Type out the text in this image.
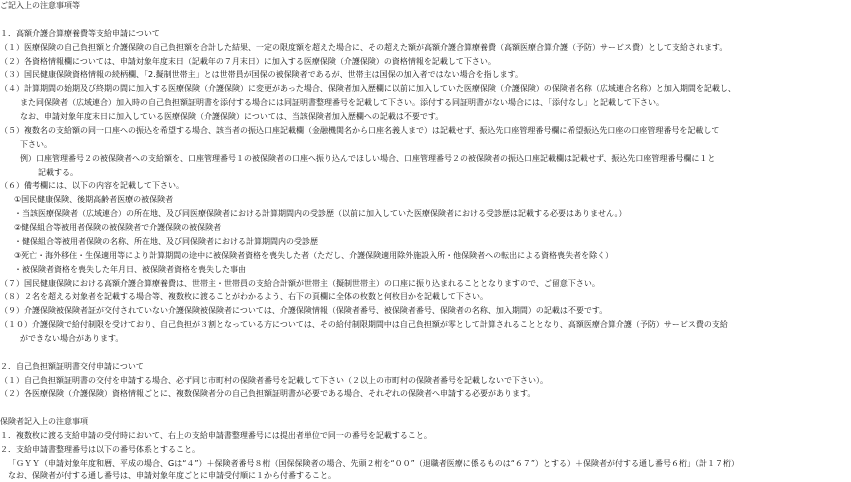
ご記入上の注意事項等
１．高額介護合算療養費等支給申請について
（１）医療保険の自己負担額と介護保険の自己負担額を合計した結果、一定の限度額を超えた場合に、その超えた額が高額介護合算療養費（高額医療合算介護（予防）サービス費）として支給されます。
（２）各資格情報欄については、申請対象年度末日（記載年の７月末日）に加入する医療保険（介護保険）の資格情報を記載して下さい。
（３）国民健康保険資格情報の続柄欄、「2.擬制世帯主」とは世帯員が国保の被保険者であるが、世帯主は国保の加入者ではない場合を指します。
（４）計算期間の始期及び終期の間に加入する医療保険（介護保険）に変更があった場合、保険者加入歴欄に以前に加入していた医療保険（介護保険）の保険者名称（広域連合名称）と加入期間を記載し、
また同保険者（広域連合）加入時の自己負担額証明書を添付する場合には同証明書整理番号を記載して下さい。添付する同証明書がない場合には、「添付なし」と記載して下さい。
なお、申請対象年度末日に加入している医療保険（介護保険）については、当該保険者加入歴欄への記載は不要です。
（５）複数名の支給額の同一口座への振込を希望する場合、該当者の振込口座記載欄（金融機関名から口座名義人まで）は記載せず、振込先口座管理番号欄に希望振込先口座の口座管理番号を記載して
下さい。
例）口座管理番号２の被保険者への支給額を、口座管理番号１の被保険者の口座へ振り込んでほしい場合、口座管理番号２の被保険者の振込口座記載欄は記載せず、振込先口座管理番号欄に１と
記載する。
（６）備考欄には、以下の内容を記載して下さい。
①国民健康保険、後期高齢者医療の被保険者
・当該医療保険者（広域連合）の所在地、及び同医療保険者における計算期間内の受診歴（以前に加入していた医療保険者における受診歴は記載する必要はありません。）
②健保組合等被用者保険の被保険者で介護保険の被保険者
・健保組合等被用者保険の名称、所在地、及び同保険者における計算期間内の受診歴
③死亡・海外移住・生保適用等により計算期間の途中に被保険者資格を喪失した者（ただし、介護保険適用除外施設入所・他保険者への転出による資格喪失者を除く）
・被保険者資格を喪失した年月日、被保険者資格を喪失した事由
（７）国民健康保険における高額介護合算療養費は、世帯主・世帯員の支給合計額が世帯主（擬制世帯主）の口座に振り込まれることとなりますので、ご留意下さい。
（８）２名を超える対象者を記載する場合等、複数枚に渡ることがわかるよう、右下の頁欄に全体の枚数と何枚目かを記載して下さい。
（９）介護保険被保険者証が交付されていない介護保険被保険者については、介護保険情報（保険者番号、被保険者番号、保険者の名称、加入期間）の記載は不要です。
（１０）介護保険で給付制限を受けており、自己負担が３割となっている方については、その給付制限期間中は自己負担額が零として計算されることとなり、高額医療合算介護（予防）サービス費の支給
ができない場合があります。
２．自己負担額証明書交付申請について
（１）自己負担額証明書の交付を申請する場合、必ず同じ市町村の保険者番号を記載して下さい（２以上の市町村の保険者番号を記載しないで下さい）。
（２）各医療保険（介護保険）資格情報ごとに、複数保険者分の自己負担額証明書が必要である場合、それぞれの保険者へ申請する必要があります。
保険者記入上の注意事項
１．複数枚に渡る支給申請の受付時において、右上の支給申請書整理番号には提出者単位で同一の番号を記載すること。
２．支給申請書整理番号は以下の番号体系とすること。
「ＧＹＹ（申請対象年度和暦、平成の場合、Gは“４”）＋保険者番号８桁（国保保険者の場合、先頭２桁を“００”（退職者医療に係るものは“６７”）とする）＋保険者が付する通し番号６桁」（計１７桁）
なお、保険者が付する通し番号は、申請対象年度ごとに申請受付順に１から付番すること。
